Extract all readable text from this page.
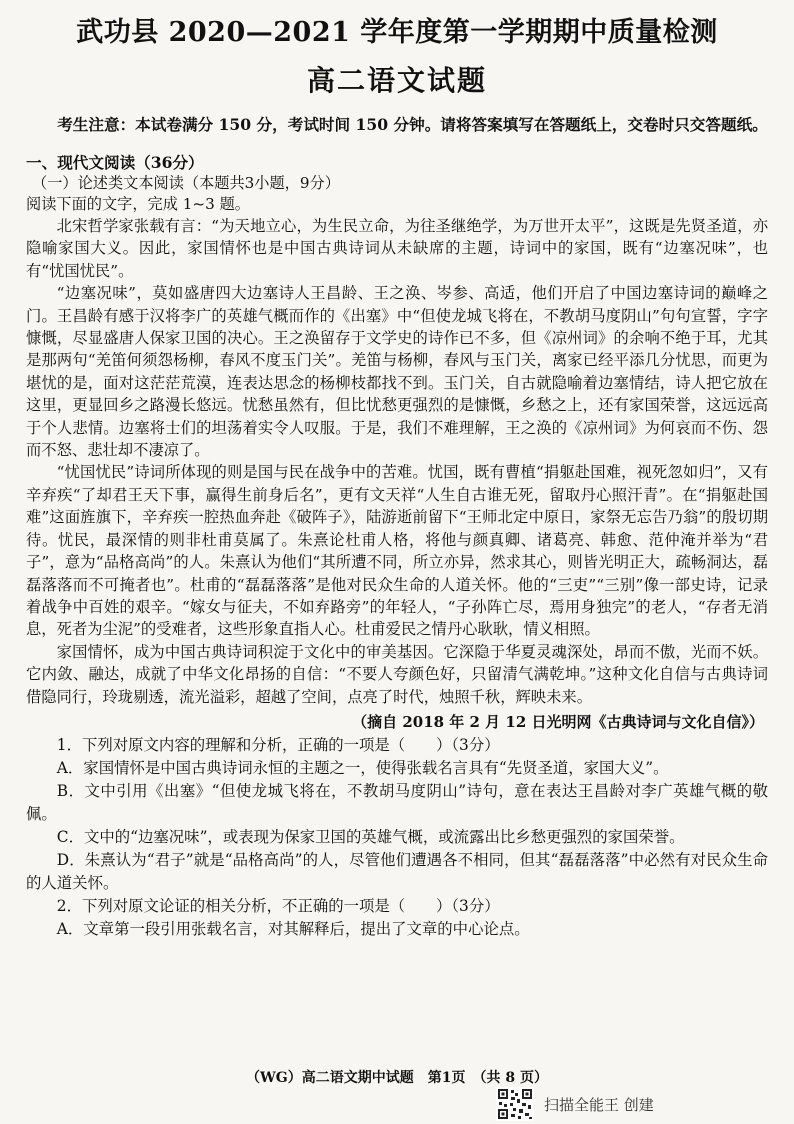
武功县 2020—2021 学年度第一学期期中质量检测
高二语文试题

考生注意：本试卷满分 150 分，考试时间 150 分钟。请将答案填写在答题纸上，交卷时只交答题纸。

一、现代文阅读（36分）
（一）论述类文本阅读（本题共3小题，9分）
阅读下面的文字，完成 1~3 题。

北宋哲学家张载有言：“为天地立心，为生民立命，为往圣继绝学，为万世开太平”，这既是先贤圣道，亦隐喻家国大义。因此，家国情怀也是中国古典诗词从未缺席的主题，诗词中的家国，既有“边塞况味”，也有“忧国忧民”。

“边塞况味”，莫如盛唐四大边塞诗人王昌龄、王之涣、岑参、高适，他们开启了中国边塞诗词的巅峰之门。王昌龄有感于汉将李广的英雄气概而作的《出塞》中“但使龙城飞将在，不教胡马度阴山”句句宣誓，字字慷慨，尽显盛唐人保家卫国的决心。王之涣留存于文学史的诗作已不多，但《凉州词》的余响不绝于耳，尤其是那两句“羌笛何须怨杨柳，春风不度玉门关”。羌笛与杨柳，春风与玉门关，离家已经平添几分忧思，而更为堪忧的是，面对这茫茫荒漠，连表达思念的杨柳枝都找不到。玉门关，自古就隐喻着边塞情结，诗人把它放在这里，更显回乡之路漫长悠远。忧愁虽然有，但比忧愁更强烈的是慷慨，乡愁之上，还有家国荣誉，这远远高于个人悲情。边塞将士们的坦荡着实令人叹服。于是，我们不难理解，王之涣的《凉州词》为何哀而不伤、怨而不怒、悲壮却不凄凉了。

“忧国忧民”诗词所体现的则是国与民在战争中的苦难。忧国，既有曹植“捐躯赴国难，视死忽如归”，又有辛弃疾“了却君王天下事，赢得生前身后名”，更有文天祥“人生自古谁无死，留取丹心照汗青”。在“捐躯赴国难”这面旌旗下，辛弃疾一腔热血奔赴《破阵子》，陆游逝前留下“王师北定中原日，家祭无忘告乃翁”的殷切期待。忧民，最深情的则非杜甫莫属了。朱熹论杜甫人格，将他与颜真卿、诸葛亮、韩愈、范仲淹并举为“君子”，意为“品格高尚”的人。朱熹认为他们“其所遭不同，所立亦异，然求其心，则皆光明正大，疏畅洞达，磊磊落落而不可掩者也”。杜甫的“磊磊落落”是他对民众生命的人道关怀。他的“三吏”“三别”像一部史诗，记录着战争中百姓的艰辛。“嫁女与征夫，不如弃路旁”的年轻人，“子孙阵亡尽，焉用身独完”的老人，“存者无消息，死者为尘泥”的受难者，这些形象直指人心。杜甫爱民之情丹心耿耿，情义相照。

家国情怀，成为中国古典诗词积淀于文化中的审美基因。它深隐于华夏灵魂深处，昂而不傲，光而不妖。它内敛、融达，成就了中华文化昂扬的自信：“不要人夸颜色好，只留清气满乾坤。”这种文化自信与古典诗词借隐同行，玲珑剔透，流光溢彩，超越了空间，点亮了时代，烛照千秋，辉映未来。

（摘自 2018 年 2 月 12 日光明网《古典诗词与文化自信》）

1．下列对原文内容的理解和分析，正确的一项是（　　）（3分）

A．家国情怀是中国古典诗词永恒的主题之一，使得张载名言具有“先贤圣道，家国大义”。

B．文中引用《出塞》“但使龙城飞将在，不教胡马度阴山”诗句，意在表达王昌龄对李广英雄气概的敬佩。

C．文中的“边塞况味”，或表现为保家卫国的英雄气概，或流露出比乡愁更强烈的家国荣誉。

D．朱熹认为“君子”就是“品格高尚”的人，尽管他们遭遇各不相同，但其“磊磊落落”中必然有对民众生命的人道关怀。

2．下列对原文论证的相关分析，不正确的一项是（　　）（3分）

A．文章第一段引用张载名言，对其解释后，提出了文章的中心论点。

（WG）高二语文期中试题　第1页　（共 8 页）
扫描全能王 创建
